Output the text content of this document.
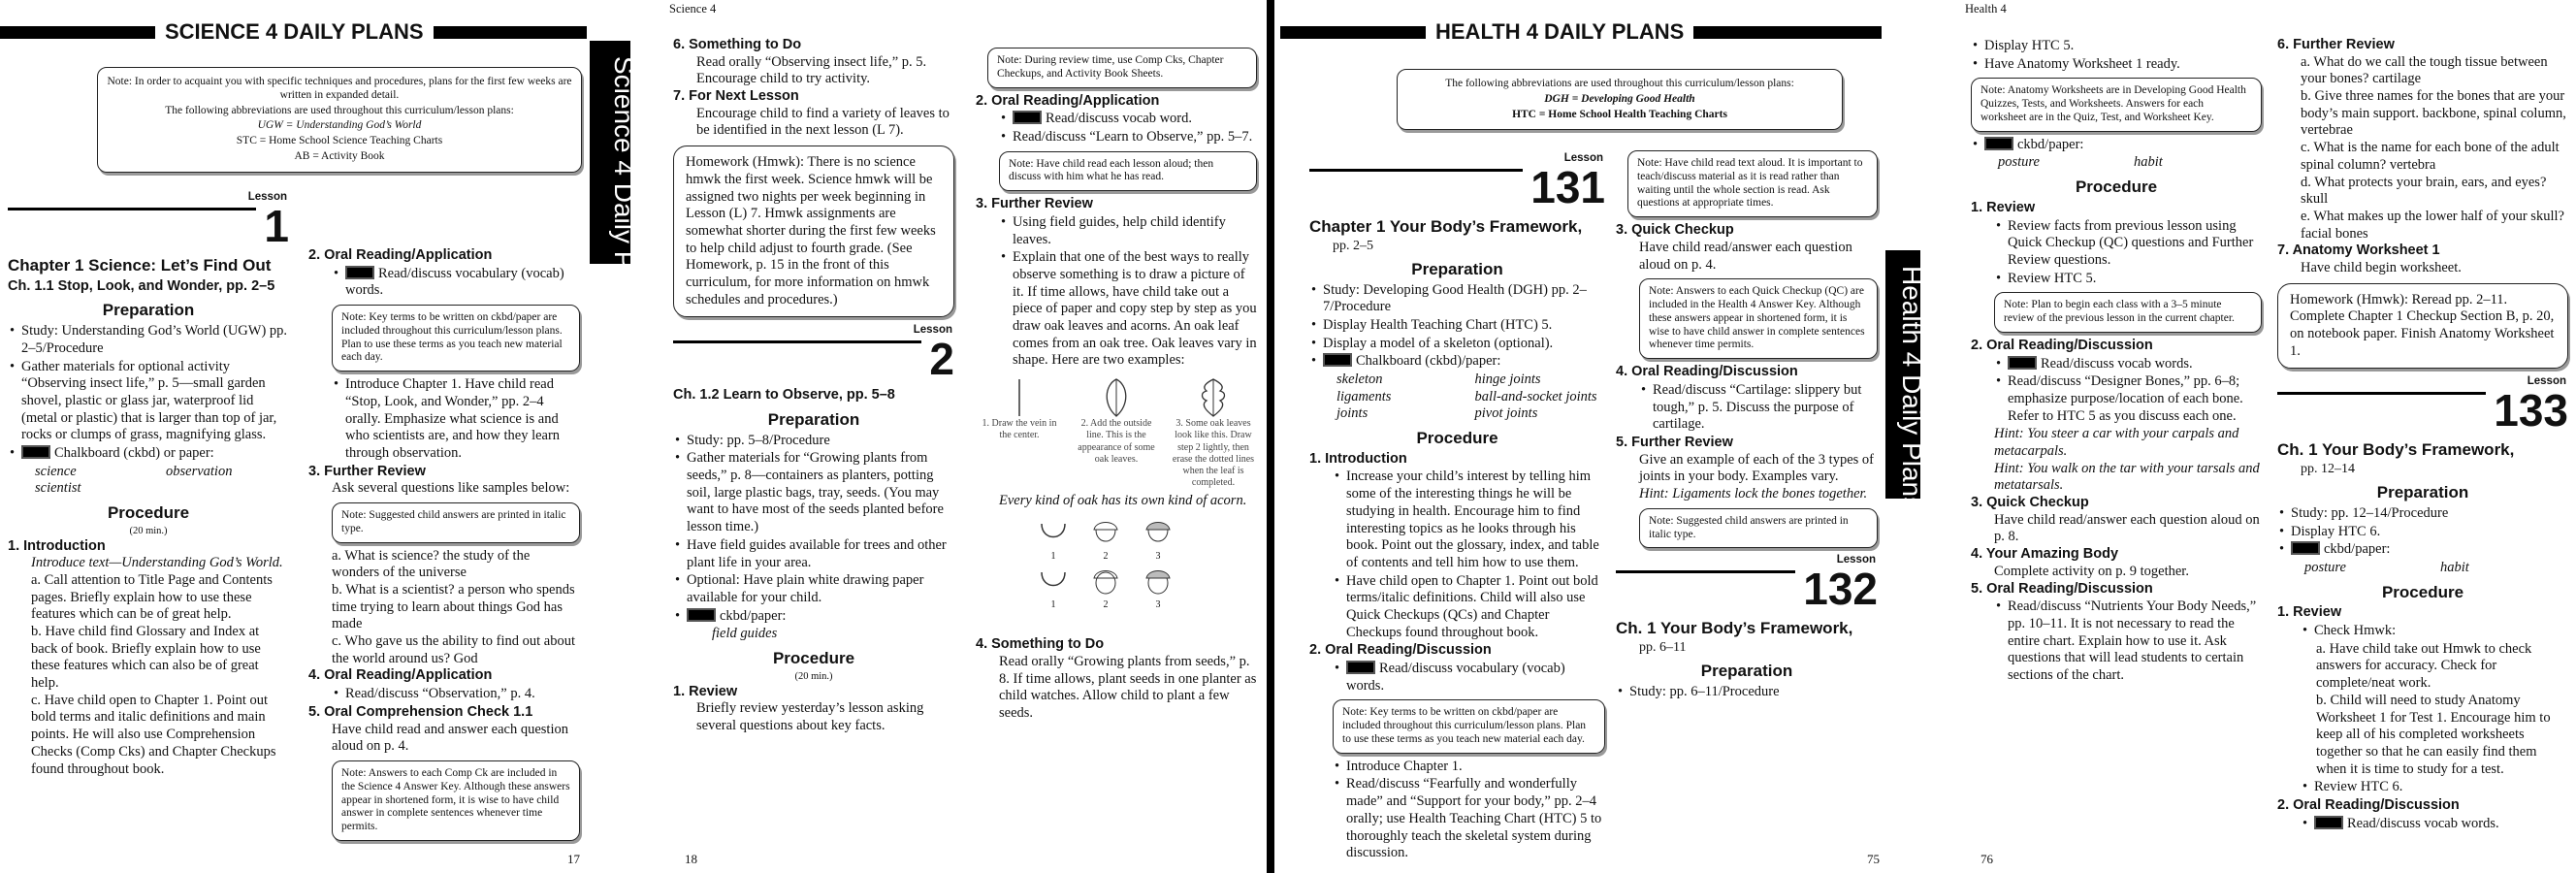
SCIENCE 4 DAILY PLANS
Science 4 Daily Plans

Note: In order to acquaint you with specific techniques and procedures, plans for the first few weeks are written in expanded detail.

The following abbreviations are used throughout this curriculum/lesson plans:

UGW = Understanding God’s World

STC = Home School Science Teaching Charts

AB = Activity Book

Lesson
1
Chapter 1 Science: Let’s Find Out
Ch. 1.1 Stop, Look, and Wonder, pp. 2–5
Preparation
• Study: Understanding God’s World (UGW) pp. 2–5/Procedure
• Gather materials for optional activity “Observing insect life,” p. 5—small garden shovel, plastic or glass jar, waterproof lid (metal or plastic) that is larger than top of jar, rocks or clumps of grass, magnifying glass.
• Chalkboard (ckbd) or paper:
science	observation
scientist
Procedure
(20 min.)
1. Introduction
Introduce text—Understanding God’s World.
a. Call attention to Title Page and Contents pages. Briefly explain how to use these features which can be of great help.
b. Have child find Glossary and Index at back of book. Briefly explain how to use these features which can also be of great help.
c. Have child open to Chapter 1. Point out bold terms and italic definitions and main points. He will also use Comprehension Checks (Comp Cks) and Chapter Checkups found throughout book.
2. Oral Reading/Application
• Read/discuss vocabulary (vocab) words.
Note: Key terms to be written on ckbd/paper are included throughout this curriculum/lesson plans. Plan to use these terms as you teach new material each day.
• Introduce Chapter 1. Have child read “Stop, Look, and Wonder,” pp. 2–4 orally. Emphasize what science is and who scientists are, and how they learn through observation.
3. Further Review
Ask several questions like samples below:
Note: Suggested child answers are printed in italic type.
a. What is science? the study of the wonders of the universe
b. What is a scientist? a person who spends time trying to learn about things God has made
c. Who gave us the ability to find out about the world around us? God
4. Oral Reading/Application
• Read/discuss “Observation,” p. 4.
5. Oral Comprehension Check 1.1
Have child read and answer each question aloud on p. 4.
Note: Answers to each Comp Ck are included in the Science 4 Answer Key. Although these answers appear in shortened form, it is wise to have child answer in complete sentences whenever time permits.
17
Science 4
6. Something to Do
Read orally “Observing insect life,” p. 5. Encourage child to try activity.
7. For Next Lesson
Encourage child to find a variety of leaves to be identified in the next lesson (L 7).
Homework (Hmwk): There is no science hmwk the first week. Science hmwk will be assigned two nights per week beginning in Lesson (L) 7. Hmwk assignments are somewhat shorter during the first few weeks to help child adjust to fourth grade. (See Homework, p. 15 in the front of this curriculum, for more information on hmwk schedules and procedures.)
Lesson
2
Ch. 1.2 Learn to Observe, pp. 5–8
Preparation
• Study: pp. 5–8/Procedure
• Gather materials for “Growing plants from seeds,” p. 8—containers as planters, potting soil, large plastic bags, tray, seeds. (You may want to have most of the seeds planted before lesson time.)
• Have field guides available for trees and other plant life in your area.
• Optional: Have plain white drawing paper available for your child.
• ckbd/paper:
field guides
Procedure
(20 min.)
1. Review
Briefly review yesterday’s lesson asking several questions about key facts.
Note: During review time, use Comp Cks, Chapter Checkups, and Activity Book Sheets.
2. Oral Reading/Application
• Read/discuss vocab word.
• Read/discuss “Learn to Observe,” pp. 5–7.
Note: Have child read each lesson aloud; then discuss with him what he has read.
3. Further Review
• Using field guides, help child identify leaves.
• Explain that one of the best ways to really observe something is to draw a picture of it. If time allows, have child take out a piece of paper and copy step by step as you draw oak leaves and acorns. An oak leaf comes from an oak tree. Oak leaves vary in shape. Here are two examples:
1. Draw the vein in the center.
2. Add the outside line. This is the appearance of some oak leaves.
3. Some oak leaves look like this. Draw step 2 lightly, then erase the dotted lines when the leaf is completed.
Every kind of oak has its own kind of acorn.
1	2	3
1	2	3
4. Something to Do
Read orally “Growing plants from seeds,” p. 8. If time allows, plant seeds in one planter as child watches. Allow child to plant a few seeds.
18
HEALTH 4 DAILY PLANS
Health 4 Daily Plans

The following abbreviations are used throughout this curriculum/lesson plans:

DGH = Developing Good Health

HTC = Home School Health Teaching Charts

Lesson
131
Chapter 1 Your Body’s Framework,
pp. 2–5
Preparation
• Study: Developing Good Health (DGH) pp. 2–7/Procedure
• Display Health Teaching Chart (HTC) 5.
• Display a model of a skeleton (optional).
• Chalkboard (ckbd)/paper:
skeleton	hinge joints
ligaments	ball-and-socket joints
joints	pivot joints
Procedure
1. Introduction
• Increase your child’s interest by telling him some of the interesting things he will be studying in health. Encourage him to find interesting topics as he looks through his book. Point out the glossary, index, and table of contents and tell him how to use them.
• Have child open to Chapter 1. Point out bold terms/italic definitions. Child will also use Quick Checkups (QCs) and Chapter Checkups found throughout book.
2. Oral Reading/Discussion
• Read/discuss vocabulary (vocab) words.
Note: Key terms to be written on ckbd/paper are included throughout this curriculum/lesson plans. Plan to use these terms as you teach new material each day.
• Introduce Chapter 1.
• Read/discuss “Fearfully and wonderfully made” and “Support for your body,” pp. 2–4 orally; use Health Teaching Chart (HTC) 5 to thoroughly teach the skeletal system during discussion.
Note: Have child read text aloud. It is important to teach/discuss material as it is read rather than waiting until the whole section is read. Ask questions at appropriate times.
3. Quick Checkup
Have child read/answer each question aloud on p. 4.
Note: Answers to each Quick Checkup (QC) are included in the Health 4 Answer Key. Although these answers appear in shortened form, it is wise to have child answer in complete sentences whenever time permits.
4. Oral Reading/Discussion
• Read/discuss “Cartilage: slippery but tough,” p. 5. Discuss the purpose of cartilage.
5. Further Review
Give an example of each of the 3 types of joints in your body. Examples vary.
Hint: Ligaments lock the bones together.
Note: Suggested child answers are printed in italic type.
Lesson
132
Ch. 1 Your Body’s Framework,
pp. 6–11
Preparation
• Study: pp. 6–11/Procedure
75
Health 4
• Display HTC 5.
• Have Anatomy Worksheet 1 ready.
Note: Anatomy Worksheets are in Developing Good Health Quizzes, Tests, and Worksheets. Answers for each worksheet are in the Quiz, Test, and Worksheet Key.
• ckbd/paper:
posture	habit
Procedure
1. Review
• Review facts from previous lesson using Quick Checkup (QC) questions and Further Review questions.
• Review HTC 5.
Note: Plan to begin each class with a 3–5 minute review of the previous lesson in the current chapter.
2. Oral Reading/Discussion
• Read/discuss vocab words.
• Read/discuss “Designer Bones,” pp. 6–8; emphasize purpose/location of each bone. Refer to HTC 5 as you discuss each one.
Hint: You steer a car with your carpals and metacarpals.
Hint: You walk on the tar with your tarsals and metatarsals.
3. Quick Checkup
Have child read/answer each question aloud on p. 8.
4. Your Amazing Body
Complete activity on p. 9 together.
5. Oral Reading/Discussion
• Read/discuss “Nutrients Your Body Needs,” pp. 10–11. It is not necessary to read the entire chart. Explain how to use it. Ask questions that will lead students to certain sections of the chart.
6. Further Review
a. What do we call the tough tissue between your bones? cartilage
b. Give three names for the bones that are your body’s main support. backbone, spinal column, vertebrae
c. What is the name for each bone of the adult spinal column? vertebra
d. What protects your brain, ears, and eyes? skull
e. What makes up the lower half of your skull? facial bones
7. Anatomy Worksheet 1
Have child begin worksheet.
Homework (Hmwk): Reread pp. 2–11. Complete Chapter 1 Checkup Section B, p. 20, on notebook paper. Finish Anatomy Worksheet 1.
Lesson
133
Ch. 1 Your Body’s Framework,
pp. 12–14
Preparation
• Study: pp. 12–14/Procedure
• Display HTC 6.
• ckbd/paper:
posture	habit
Procedure
1. Review
• Check Hmwk:
a. Have child take out Hmwk to check answers for accuracy. Check for complete/neat work.
b. Child will need to study Anatomy Worksheet 1 for Test 1. Encourage him to keep all of his completed worksheets together so that he can easily find them when it is time to study for a test.
• Review HTC 6.
2. Oral Reading/Discussion
• Read/discuss vocab words.
76
